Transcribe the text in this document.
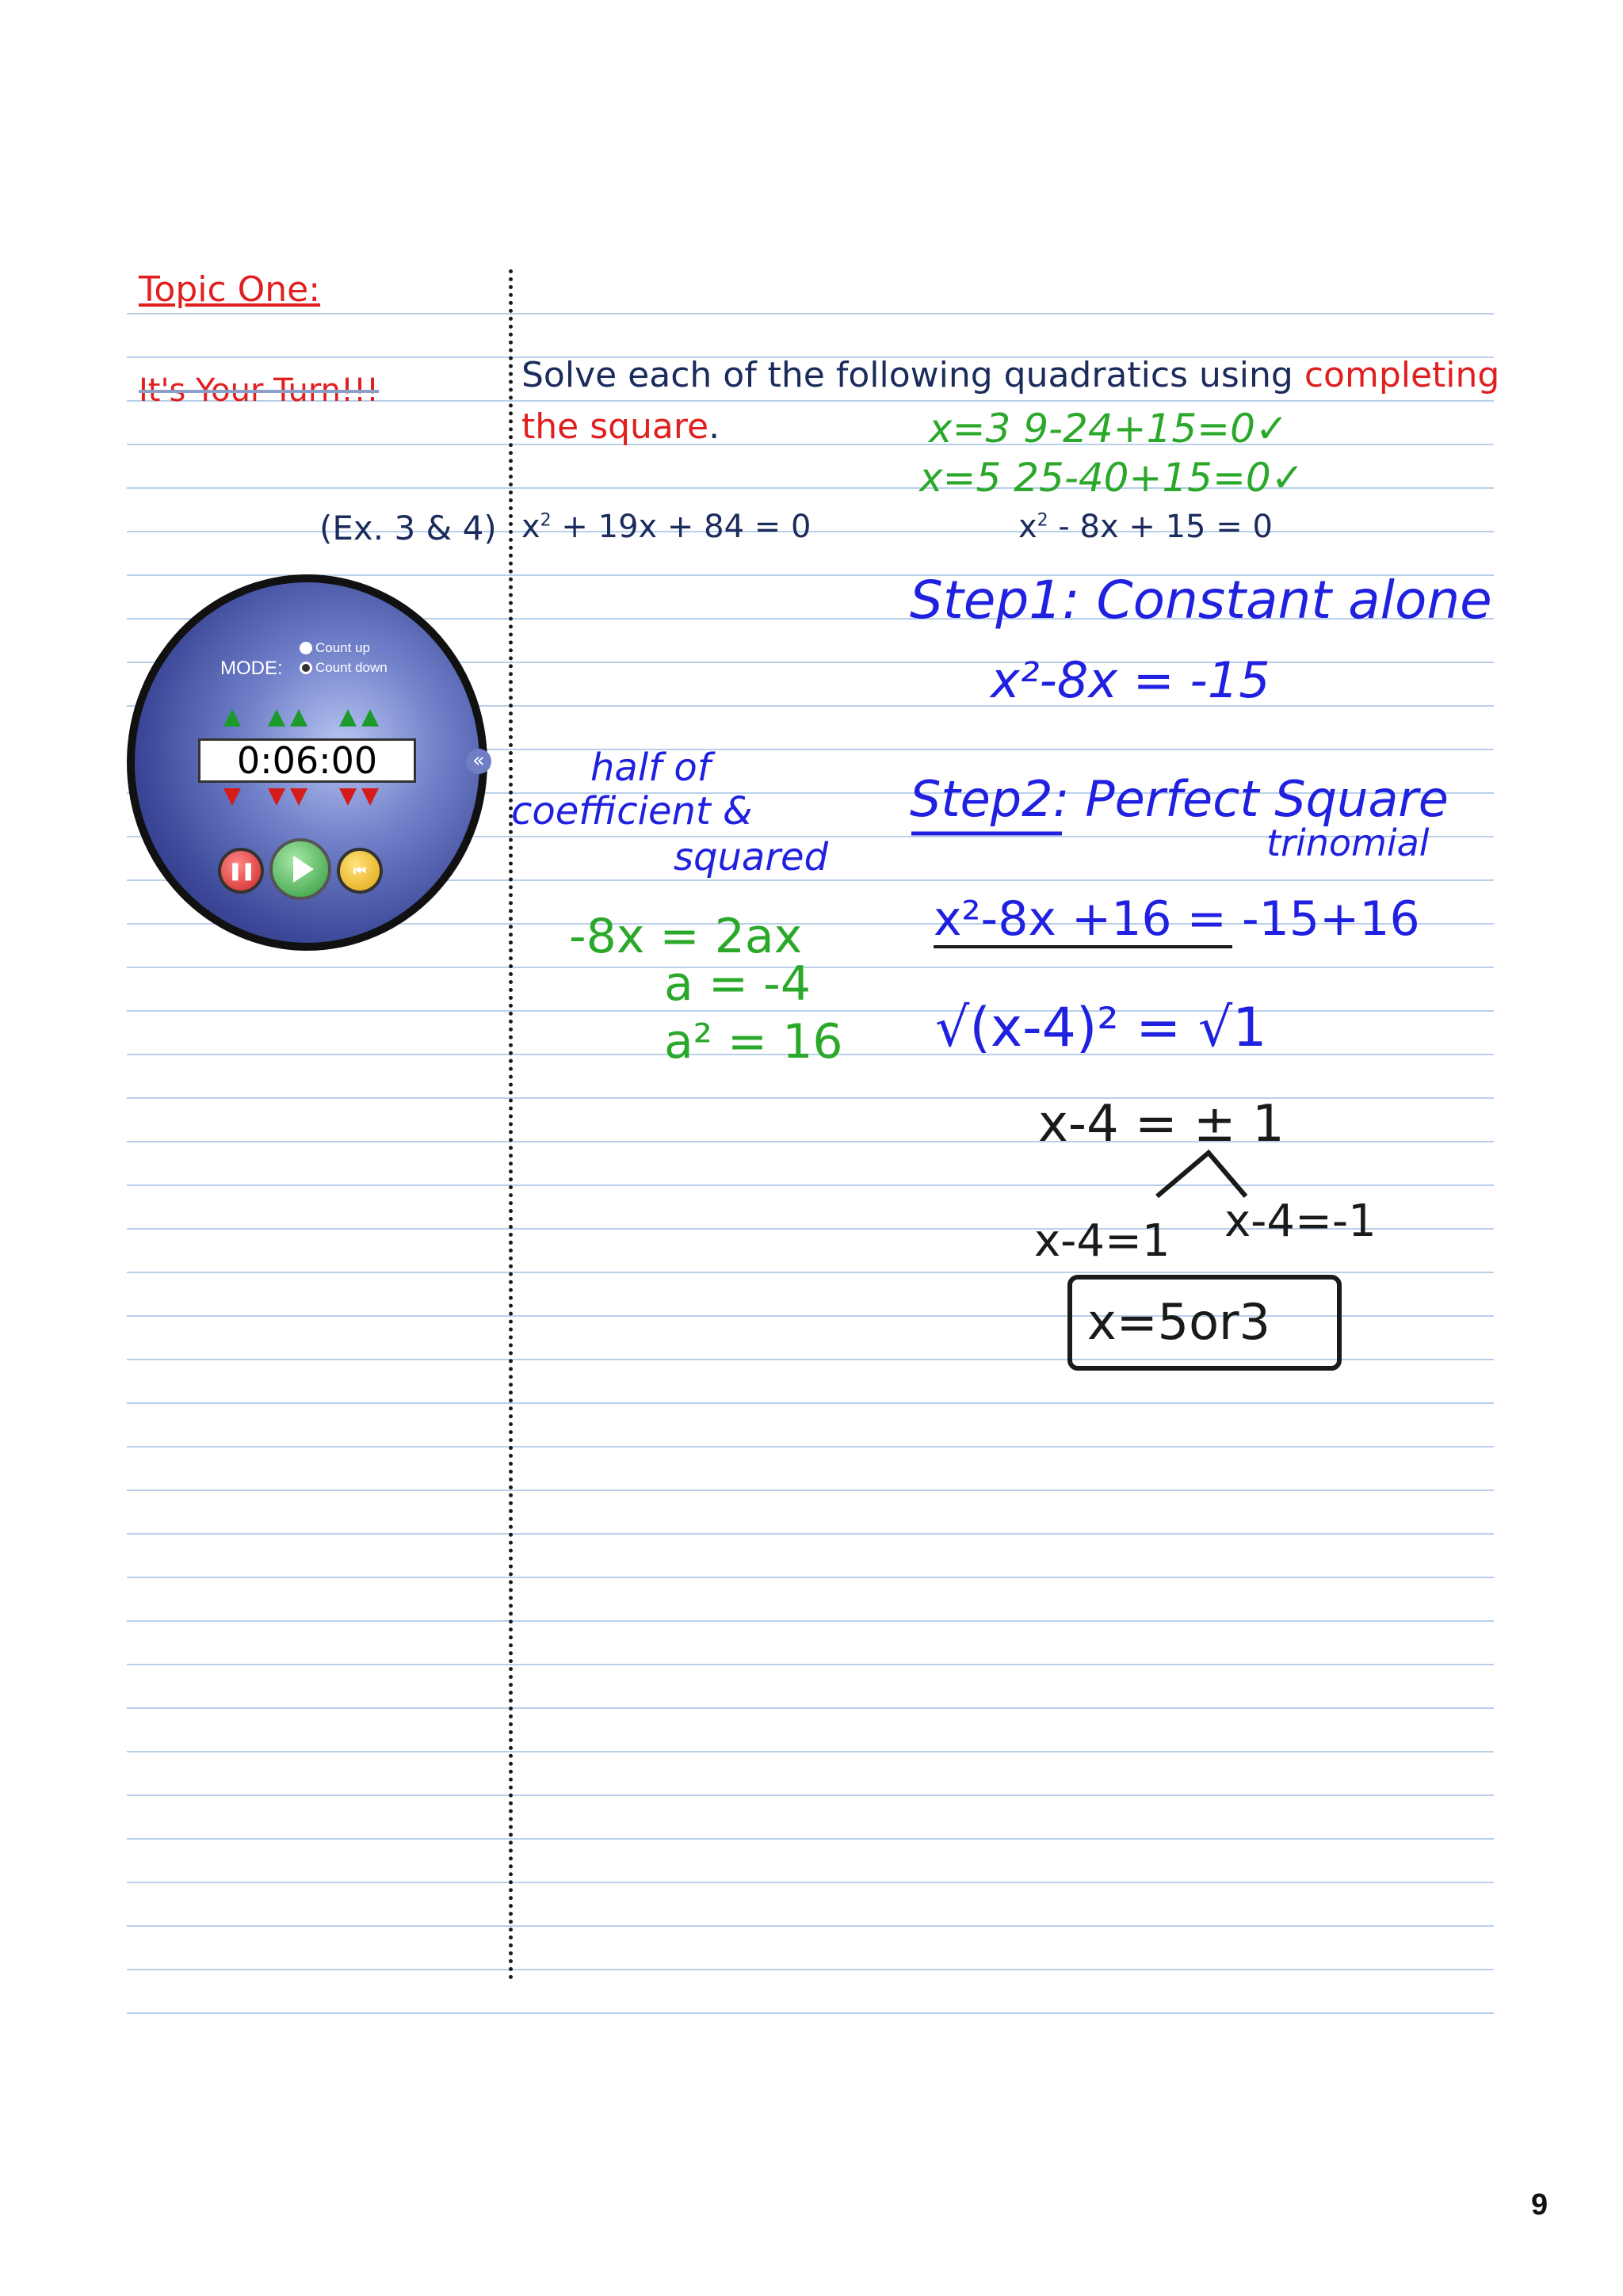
Topic One:
It's Your Turn!!!	Solve each of the following quadratics using completing
the square.
(Ex. 3 & 4) $x^2 + 19x + 84 = 0$	$x^2 - 8x + 15 = 0$
MODE:
Count up
Count down
0:06:00
❚❚	⏮
«
x=3 9-24+15=0✓
x=5 25-40+15=0✓
Step1: Constant alone
x²-8x = -15
half of
coefficient &
squared
Step2: Perfect Square
trinomial
-8x = 2ax
a = -4
a² = 16
x²-8x +16 = -15+16
√(x-4)² = √1
x-4 = ± 1
x-4=1 x-4=-1
x=5or3
9
